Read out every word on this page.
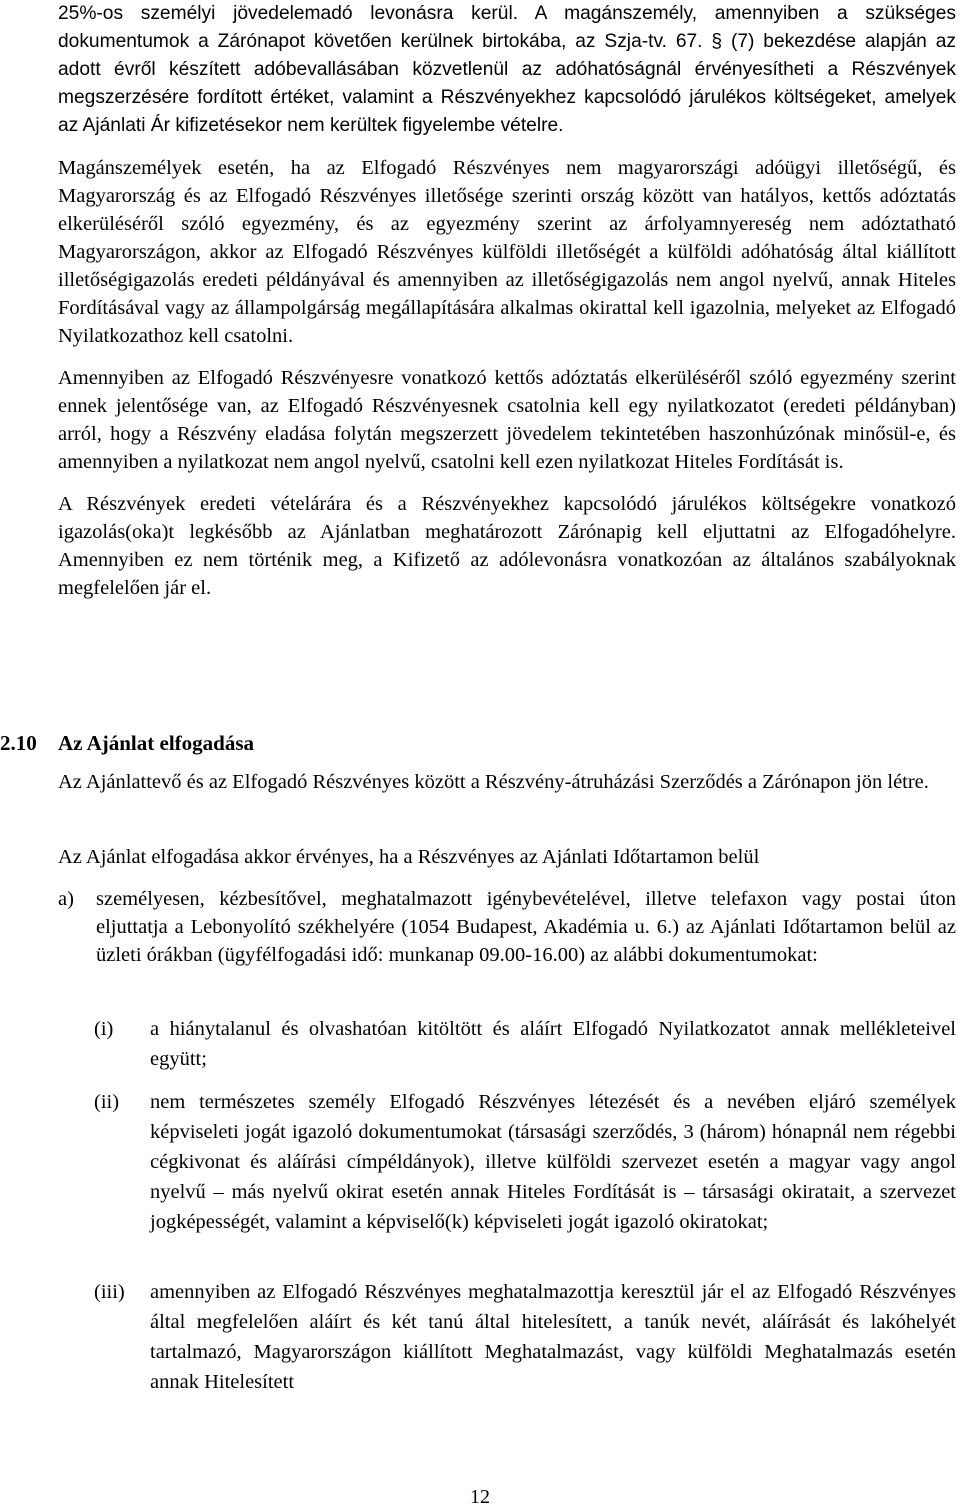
25%-os személyi jövedelemadó levonásra kerül. A magánszemély, amennyiben a szükséges dokumentumok a Zárónapot követően kerülnek birtokába, az Szja-tv. 67. § (7) bekezdése alapján az adott évről készített adóbevallásában közvetlenül az adóhatóságnál érvényesítheti a Részvények megszerzésére fordított értéket, valamint a Részvényekhez kapcsolódó járulékos költségeket, amelyek az Ajánlati Ár kifizetésekor nem kerültek figyelembe vételre.

Magánszemélyek esetén, ha az Elfogadó Részvényes nem magyarországi adóügyi illetőségű, és Magyarország és az Elfogadó Részvényes illetősége szerinti ország között van hatályos, kettős adóztatás elkerüléséről szóló egyezmény, és az egyezmény szerint az árfolyamnyereség nem adóztatható Magyarországon, akkor az Elfogadó Részvényes külföldi illetőségét a külföldi adóhatóság által kiállított illetőségigazolás eredeti példányával és amennyiben az illetőségigazolás nem angol nyelvű, annak Hiteles Fordításával vagy az állampolgárság megállapítására alkalmas okirattal kell igazolnia, melyeket az Elfogadó Nyilatkozathoz kell csatolni.

Amennyiben az Elfogadó Részvényesre vonatkozó kettős adóztatás elkerüléséről szóló egyezmény szerint ennek jelentősége van, az Elfogadó Részvényesnek csatolnia kell egy nyilatkozatot (eredeti példányban) arról, hogy a Részvény eladása folytán megszerzett jövedelem tekintetében haszonhúzónak minősül-e, és amennyiben a nyilatkozat nem angol nyelvű, csatolni kell ezen nyilatkozat Hiteles Fordítását is.

A Részvények eredeti vételárára és a Részvényekhez kapcsolódó járulékos költségekre vonatkozó igazolás(oka)t legkésőbb az Ajánlatban meghatározott Zárónapig kell eljuttatni az Elfogadóhelyre. Amennyiben ez nem történik meg, a Kifizető az adólevonásra vonatkozóan az általános szabályoknak megfelelően jár el.

2.10 Az Ajánlat elfogadása
Az Ajánlattevő és az Elfogadó Részvényes között a Részvény-átruházási Szerződés a Zárónapon jön létre.
Az Ajánlat elfogadása akkor érvényes, ha a Részvényes az Ajánlati Időtartamon belül
a) személyesen, kézbesítővel, meghatalmazott igénybevételével, illetve telefaxon vagy postai úton eljuttatja a Lebonyolító székhelyére (1054 Budapest, Akadémia u. 6.) az Ajánlati Időtartamon belül az üzleti órákban (ügyfélfogadási idő: munkanap 09.00-16.00) az alábbi dokumentumokat:
(i) a hiánytalanul és olvashatóan kitöltött és aláírt Elfogadó Nyilatkozatot annak mellékleteivel együtt;
(ii) nem természetes személy Elfogadó Részvényes létezését és a nevében eljáró személyek képviseleti jogát igazoló dokumentumokat (társasági szerződés, 3 (három) hónapnál nem régebbi cégkivonat és aláírási címpéldányok), illetve külföldi szervezet esetén a magyar vagy angol nyelvű – más nyelvű okirat esetén annak Hiteles Fordítását is – társasági okiratait, a szervezet jogképességét, valamint a képviselő(k) képviseleti jogát igazoló okiratokat;
(iii) amennyiben az Elfogadó Részvényes meghatalmazottja keresztül jár el az Elfogadó Részvényes által megfelelően aláírt és két tanú által hitelesített, a tanúk nevét, aláírását és lakóhelyét tartalmazó, Magyarországon kiállított Meghatalmazást, vagy külföldi Meghatalmazás esetén annak Hitelesített
12
